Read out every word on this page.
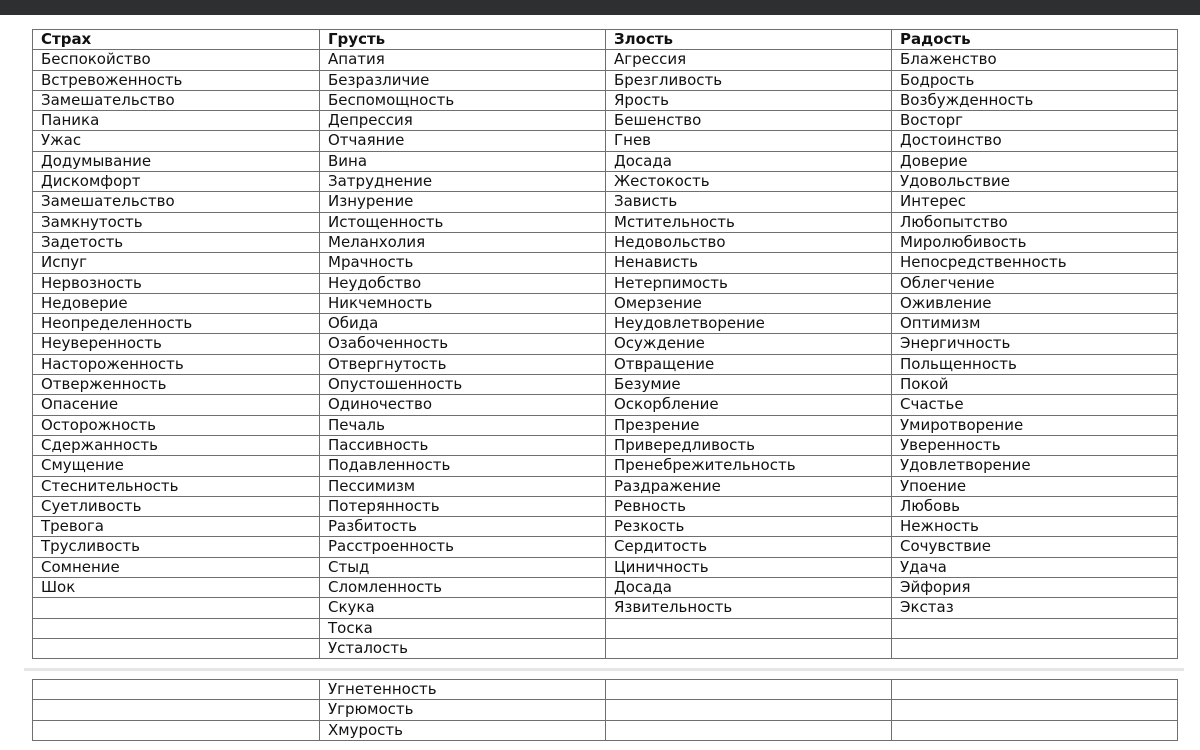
Страх	Грусть	Злость	Радость
Беспокойство	Апатия	Агрессия	Блаженство
Встревоженность	Безразличие	Брезгливость	Бодрость
Замешательство	Беспомощность	Ярость	Возбужденность
Паника	Депрессия	Бешенство	Восторг
Ужас	Отчаяние	Гнев	Достоинство
Додумывание	Вина	Досада	Доверие
Дискомфорт	Затруднение	Жестокость	Удовольствие
Замешательство	Изнурение	Зависть	Интерес
Замкнутость	Истощенность	Мстительность	Любопытство
Задетость	Меланхолия	Недовольство	Миролюбивость
Испуг	Мрачность	Ненависть	Непосредственность
Нервозность	Неудобство	Нетерпимость	Облегчение
Недоверие	Никчемность	Омерзение	Оживление
Неопределенность	Обида	Неудовлетворение	Оптимизм
Неуверенность	Озабоченность	Осуждение	Энергичность
Настороженность	Отвергнутость	Отвращение	Польщенность
Отверженность	Опустошенность	Безумие	Покой
Опасение	Одиночество	Оскорбление	Счастье
Осторожность	Печаль	Презрение	Умиротворение
Сдержанность	Пассивность	Привередливость	Уверенность
Смущение	Подавленность	Пренебрежительность	Удовлетворение
Стеснительность	Пессимизм	Раздражение	Упоение
Суетливость	Потерянность	Ревность	Любовь
Тревога	Разбитость	Резкость	Нежность
Трусливость	Расстроенность	Сердитость	Сочувствие
Сомнение	Стыд	Циничность	Удача
Шок	Сломленность	Досада	Эйфория
	Скука	Язвительность	Экстаз
	Тоска		
	Усталость		
	Угнетенность		
	Угрюмость		
	Хмурость		
